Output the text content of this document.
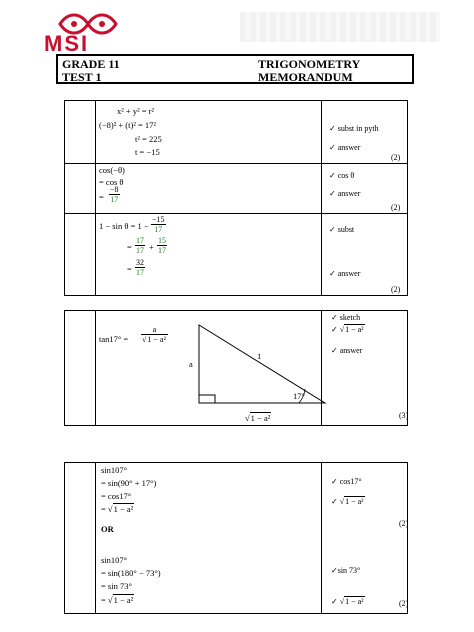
MSI
GRADE 11
TEST 1
TRIGONOMETRY
MEMORANDUM
x² + y² = r²
(−8)² + (t)² = 17²
t² = 225
t = −15
✓ subst in pyth
✓ answer
(2)
cos(−θ)
= cos θ
= $\frac{-8}{17}$
✓ cos θ
✓ answer
(2)
$1 - \sin \theta = 1 - \frac{-15}{17}$
= $\frac{17}{17} + \frac{15}{17}$
= $\frac{32}{17}$
✓ subst
✓ answer
(2)
$\tan 17^\circ = \frac{a}{\text{√1 − a²}}$
a
1
17°
√1 − a²
✓ sketch
✓ √1 − a²
✓ answer
(3)
sin107°
= sin(90° + 17°)
= cos17°
= √1 − a²
OR
sin107°
= sin(180° − 73°)
= sin 73°
= √1 − a²
✓ cos17°
✓ √1 − a²
(2)
✓sin 73°
✓ √1 − a²	(2)
